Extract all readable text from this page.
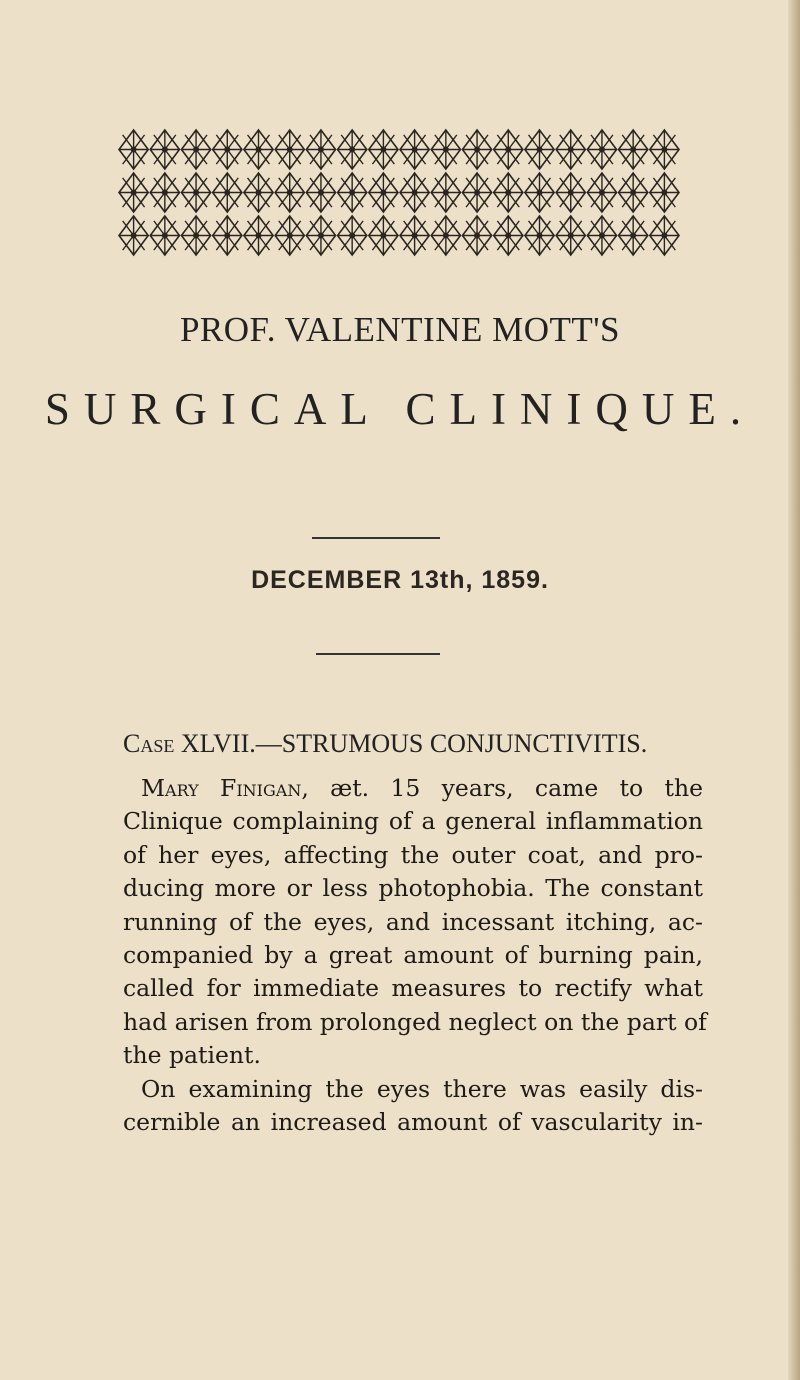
PROF. VALENTINE MOTT'S
SURGICAL CLINIQUE.
DECEMBER 13th, 1859.
Case XLVII.—STRUMOUS CONJUNCTIVITIS.
Mary Finigan, æt. 15 years, came to the
Clinique complaining of a general inflammation
of her eyes, affecting the outer coat, and pro-
ducing more or less photophobia. The constant
running of the eyes, and incessant itching, ac-
companied by a great amount of burning pain,
called for immediate measures to rectify what
had arisen from prolonged neglect on the part of
the patient.
On examining the eyes there was easily dis-
cernible an increased amount of vascularity in-
